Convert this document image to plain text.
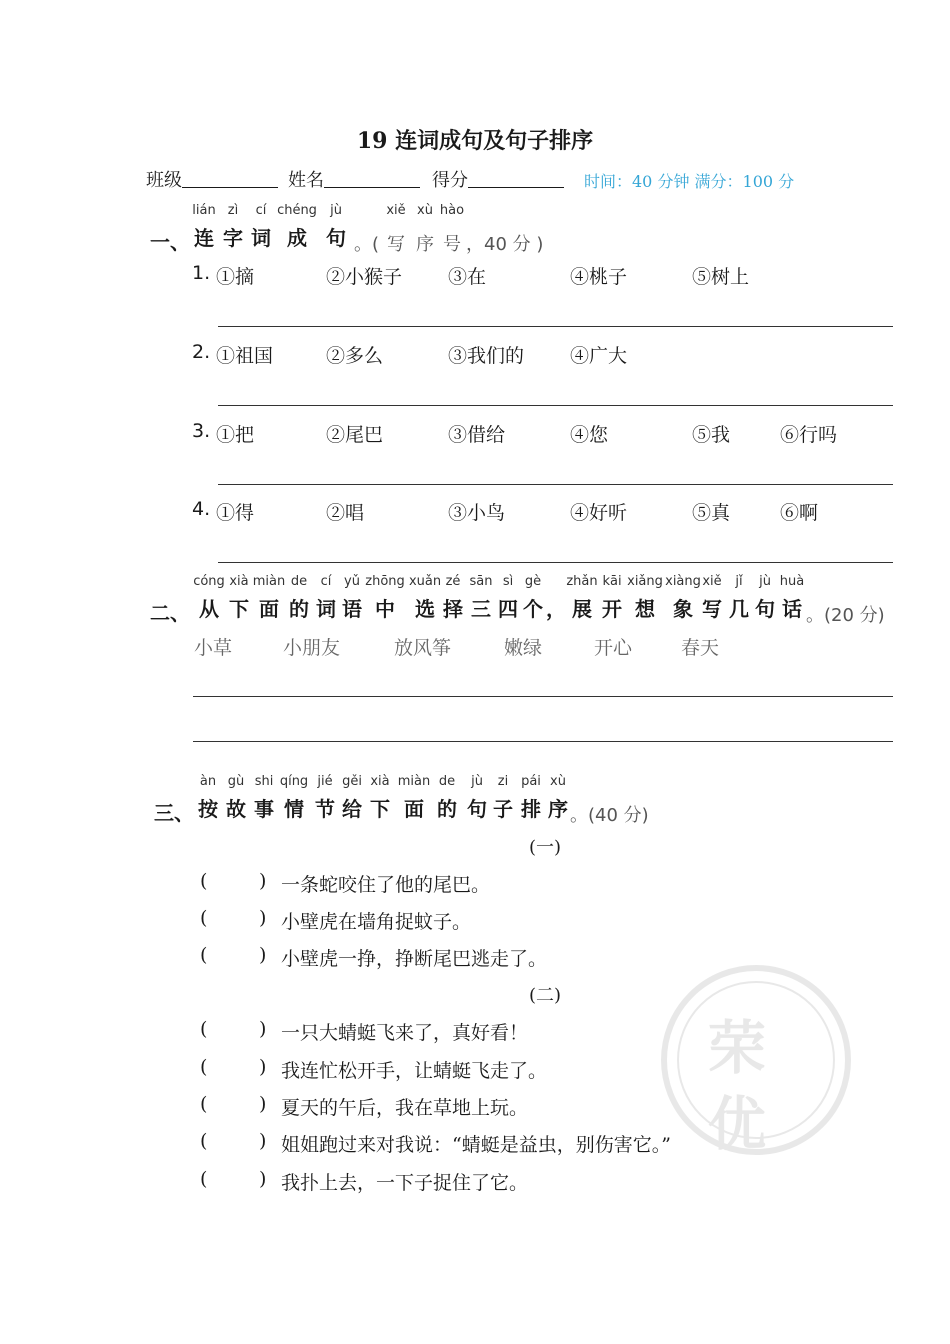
19 连词成句及句子排序
班级	姓名	得分	时间：40 分钟 满分：100 分
一、
lián
连
zì
字
cí
词
chéng
成
jù
句
xiě
写
xù
序
hào
号 ，40 分 )
。(
1. ①摘	②小猴子 ③在	④桃子	⑤树上
2. ①祖国	②多么	③我们的 ④广大
3. ①把	②尾巴	③借给	④您	⑤我	⑥行吗
4. ①得	②唱	③小鸟	④好听	⑤真	⑥啊
二、
cóng
从
xià
下
miàn
面
de
的
cí
词
yǔ
语
zhōng
中
xuǎn
选
zé
择
sān
三
sì
四
gè
个 ，
zhǎn
展
kāi
开
xiǎng
想
xiàng
象
xiě
写
jǐ
几
jù
句
huà
话 。(20 分)
小草	小朋友	放风筝	嫩绿	开心	春天
三、
àn
按
gù
故
shi
事
qíng
情
jié
节
gěi
给
xià
下
miàn
面
de
的
jù
句
zi
子
pái
排
xù
序 。(40 分)
(一)
(	) 一条蛇咬住了他的尾巴。
(	) 小壁虎在墙角捉蚊子。
(	) 小壁虎一挣，挣断尾巴逃走了。
(二)
(	) 一只大蜻蜓飞来了，真好看！
(	) 我连忙松开手，让蜻蜓飞走了。
(	) 夏天的午后，我在草地上玩。
(	) 姐姐跑过来对我说：“蜻蜓是益虫，别伤害它。”
(	) 我扑上去，一下子捉住了它。
荣
优
